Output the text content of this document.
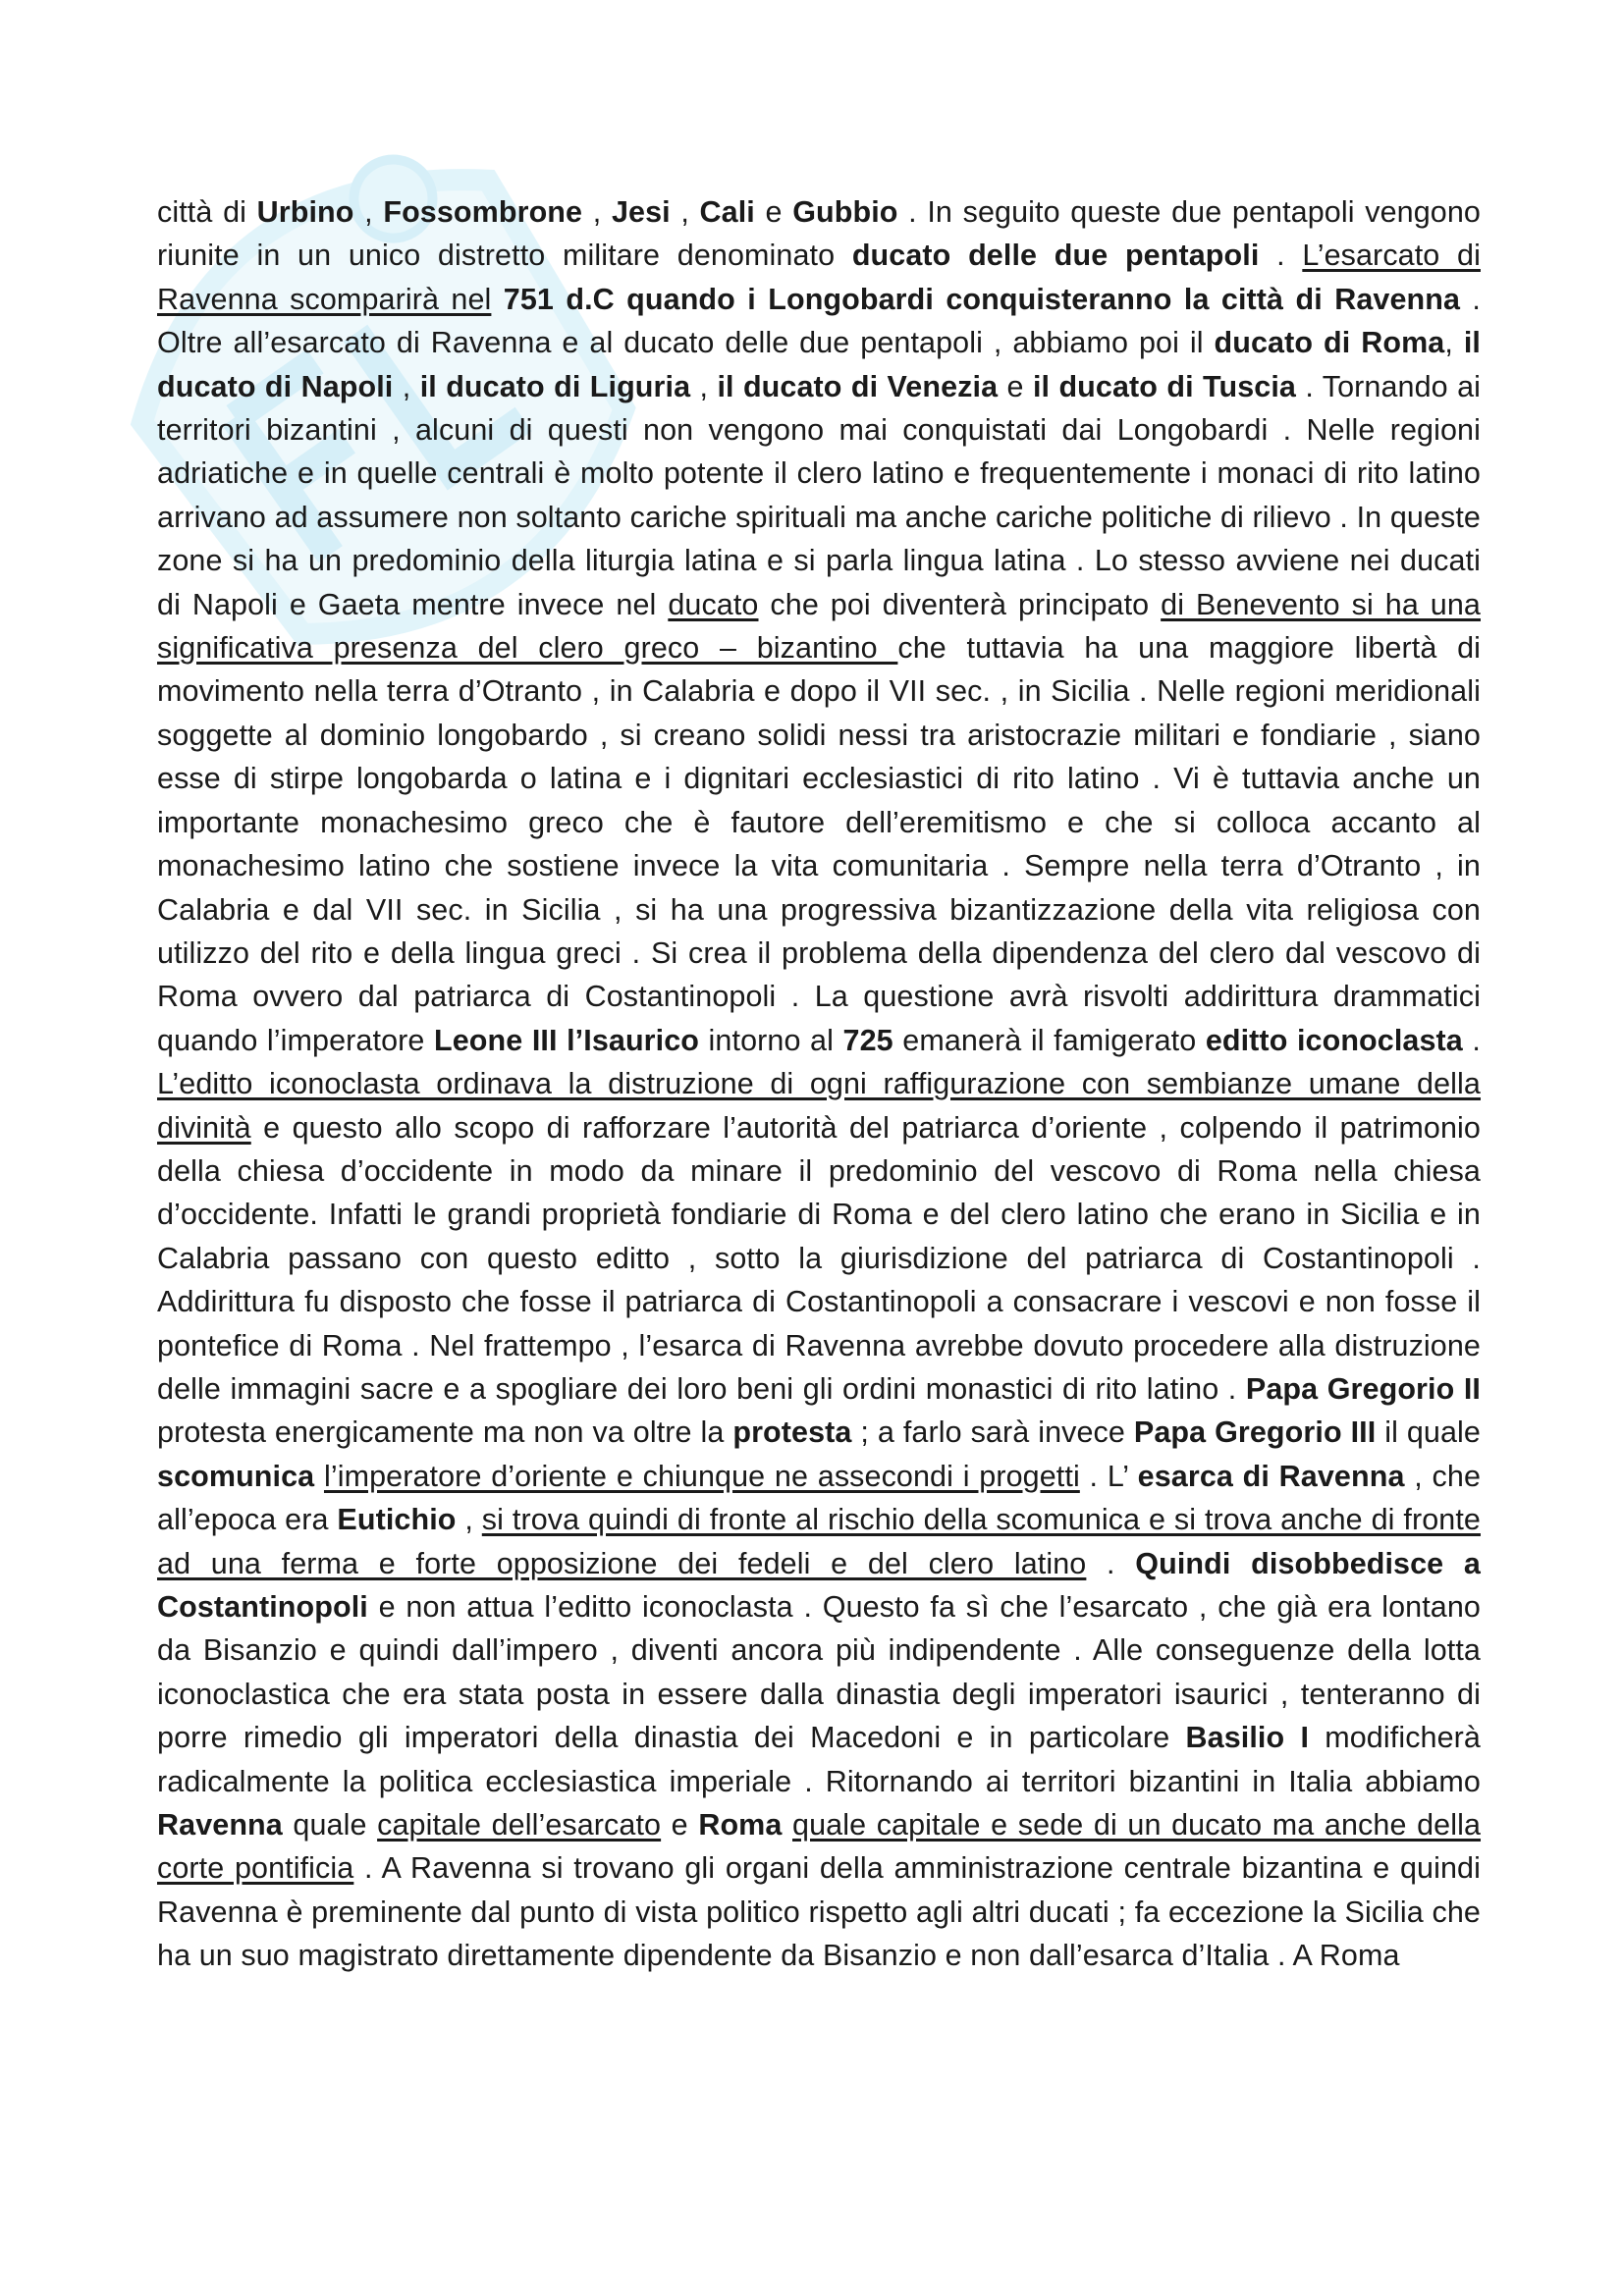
città di Urbino , Fossombrone , Jesi , Cali e Gubbio . In seguito queste due pentapoli vengono riunite in un unico distretto militare denominato ducato delle due pentapoli . L’esarcato di Ravenna scomparirà nel 751 d.C quando i Longobardi conquisteranno la città di Ravenna . Oltre all’esarcato di Ravenna e al ducato delle due pentapoli , abbiamo poi il ducato di Roma, il ducato di Napoli , il ducato di Liguria , il ducato di Venezia e il ducato di Tuscia . Tornando ai territori bizantini , alcuni di questi non vengono mai conquistati dai Longobardi . Nelle regioni adriatiche e in quelle centrali è molto potente il clero latino e frequentemente i monaci di rito latino arrivano ad assumere non soltanto cariche spirituali ma anche cariche politiche di rilievo . In queste zone si ha un predominio della liturgia latina e si parla lingua latina . Lo stesso avviene nei ducati di Napoli e Gaeta mentre invece nel ducato che poi diventerà principato di Benevento si ha una significativa presenza del clero greco – bizantino che tuttavia ha una maggiore libertà di movimento nella terra d’Otranto , in Calabria e dopo il VII sec. , in Sicilia . Nelle regioni meridionali soggette al dominio longobardo , si creano solidi nessi tra aristocrazie militari e fondiarie , siano esse di stirpe longobarda o latina e i dignitari ecclesiastici di rito latino . Vi è tuttavia anche un importante monachesimo greco che è fautore dell’eremitismo e che si colloca accanto al monachesimo latino che sostiene invece la vita comunitaria . Sempre nella terra d’Otranto , in Calabria e dal VII sec. in Sicilia , si ha una progressiva bizantizzazione della vita religiosa con utilizzo del rito e della lingua greci . Si crea il problema della dipendenza del clero dal vescovo di Roma ovvero dal patriarca di Costantinopoli . La questione avrà risvolti addirittura drammatici quando l’imperatore Leone III l’Isaurico intorno al 725 emanerà il famigerato editto iconoclasta . L’editto iconoclasta ordinava la distruzione di ogni raffigurazione con sembianze umane della divinità e questo allo scopo di rafforzare l’autorità del patriarca d’oriente , colpendo il patrimonio della chiesa d’occidente in modo da minare il predominio del vescovo di Roma nella chiesa d’occidente. Infatti le grandi proprietà fondiarie di Roma e del clero latino che erano in Sicilia e in Calabria passano con questo editto , sotto la giurisdizione del patriarca di Costantinopoli . Addirittura fu disposto che fosse il patriarca di Costantinopoli a consacrare i vescovi e non fosse il pontefice di Roma . Nel frattempo , l’esarca di Ravenna avrebbe dovuto procedere alla distruzione delle immagini sacre e a spogliare dei loro beni gli ordini monastici di rito latino . Papa Gregorio II protesta energicamente ma non va oltre la protesta ; a farlo sarà invece Papa Gregorio III il quale scomunica l’imperatore d’oriente e chiunque ne assecondi i progetti . L’ esarca di Ravenna , che all’epoca era Eutichio , si trova quindi di fronte al rischio della scomunica e si trova anche di fronte ad una ferma e forte opposizione dei fedeli e del clero latino . Quindi disobbedisce a Costantinopoli e non attua l’editto iconoclasta . Questo fa sì che l’esarcato , che già era lontano da Bisanzio e quindi dall’impero , diventi ancora più indipendente . Alle conseguenze della lotta iconoclastica che era stata posta in essere dalla dinastia degli imperatori isaurici , tenteranno di porre rimedio gli imperatori della dinastia dei Macedoni e in particolare Basilio I modificherà radicalmente la politica ecclesiastica imperiale . Ritornando ai territori bizantini in Italia abbiamo Ravenna quale capitale dell’esarcato e Roma quale capitale e sede di un ducato ma anche della corte pontificia . A Ravenna si trovano gli organi della amministrazione centrale bizantina e quindi Ravenna è preminente dal punto di vista politico rispetto agli altri ducati ; fa eccezione la Sicilia che ha un suo magistrato direttamente dipendente da Bisanzio e non dall’esarca d’Italia . A Roma
